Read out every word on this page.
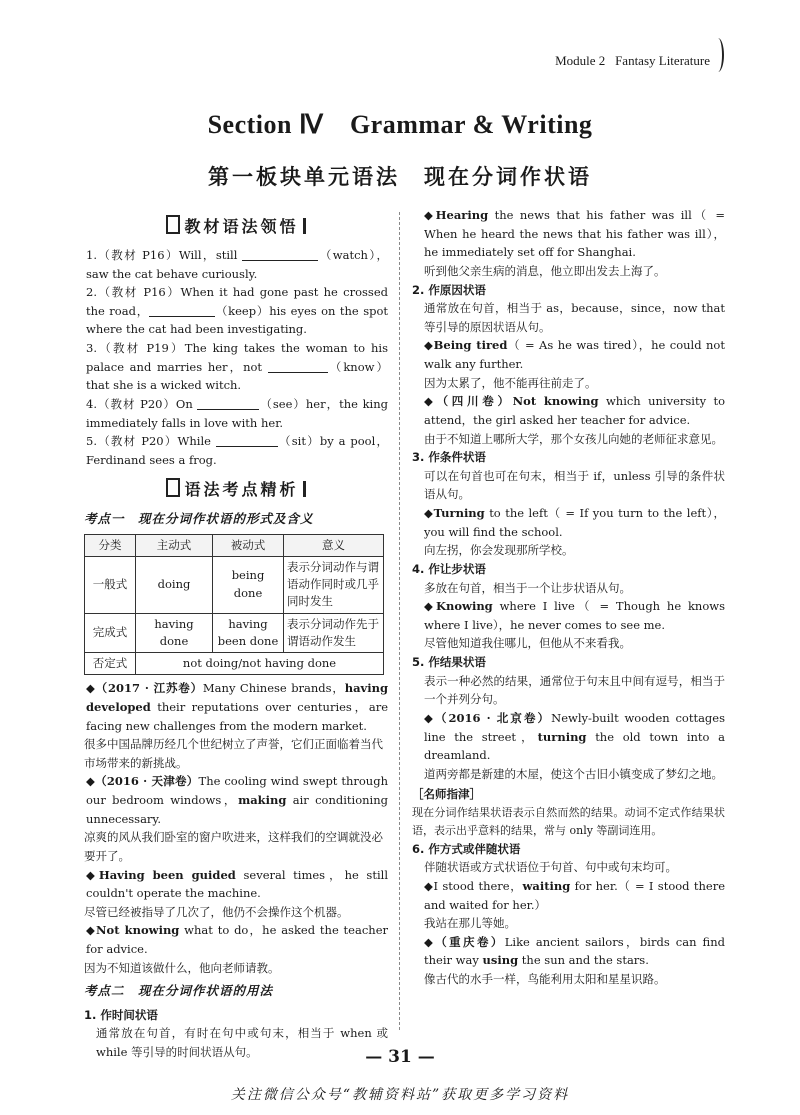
Module 2 Fantasy Literature
Section Ⅳ　Grammar & Writing
第一板块单元语法　现在分词作状语
教材语法领悟

1.（教材 P16）Will，still	（watch），saw the cat behave curiously.

2.（教材 P16）When it had gone past he crossed the road，	（keep）his eyes on the spot where the cat had been investigating.

3.（教材 P19）The king takes the woman to his palace and marries her，not	（know）that she is a wicked witch.

4.（教材 P20）On	（see）her，the king immediately falls in love with her.

5.（教材 P20）While	（sit）by a pool，Ferdinand sees a frog.

语法考点精析

考点一　现在分词作状语的形式及含义

分类	主动式	被动式	意义
一般式	doing	being done	表示分词动作与谓语动作同时或几乎同时发生
完成式	having done	having been done	表示分词动作先于谓语动作发生
否定式	not doing/not having done		

◆（2017 · 江苏卷）Many Chinese brands，having developed their reputations over centuries，are facing new challenges from the modern market.

很多中国品牌历经几个世纪树立了声誉，它们正面临着当代市场带来的新挑战。

◆（2016 · 天津卷）The cooling wind swept through our bedroom windows，making air conditioning unnecessary.

凉爽的风从我们卧室的窗户吹进来，这样我们的空调就没必要开了。

◆Having been guided several times，he still couldn't operate the machine.

尽管已经被指导了几次了，他仍不会操作这个机器。

◆Not knowing what to do，he asked the teacher for advice.

因为不知道该做什么，他向老师请教。

考点二　现在分词作状语的用法

1. 作时间状语

通常放在句首，有时在句中或句末，相当于 when 或 while 等引导的时间状语从句。

◆Hearing the news that his father was ill（ = When he heard the news that his father was ill），he immediately set off for Shanghai.

听到他父亲生病的消息，他立即出发去上海了。

2. 作原因状语

通常放在句首，相当于 as，because，since，now that 等引导的原因状语从句。

◆Being tired（ = As he was tired），he could not walk any further.

因为太累了，他不能再往前走了。

◆（四川卷）Not knowing which university to attend，the girl asked her teacher for advice.

由于不知道上哪所大学，那个女孩儿向她的老师征求意见。

3. 作条件状语

可以在句首也可在句末，相当于 if，unless 引导的条件状语从句。

◆Turning to the left（ = If you turn to the left），you will find the school.

向左拐，你会发现那所学校。

4. 作让步状语

多放在句首，相当于一个让步状语从句。

◆Knowing where I live（ = Though he knows where I live），he never comes to see me.

尽管他知道我住哪儿，但他从不来看我。

5. 作结果状语

表示一种必然的结果，通常位于句末且中间有逗号，相当于一个并列分句。

◆（2016 · 北京卷）Newly-built wooden cottages line the street，turning the old town into a dreamland.

道两旁都是新建的木屋，使这个古旧小镇变成了梦幻之地。

［名师指津］

现在分词作结果状语表示自然而然的结果。动词不定式作结果状语，表示出乎意料的结果，常与 only 等副词连用。

6. 作方式或伴随状语

伴随状语或方式状语位于句首、句中或句末均可。

◆I stood there，waiting for her.（ = I stood there and waited for her.）

我站在那儿等她。

◆（重庆卷）Like ancient sailors，birds can find their way using the sun and the stars.

像古代的水手一样，鸟能利用太阳和星星识路。

— 31 —
关注微信公众号“教辅资料站”获取更多学习资料
